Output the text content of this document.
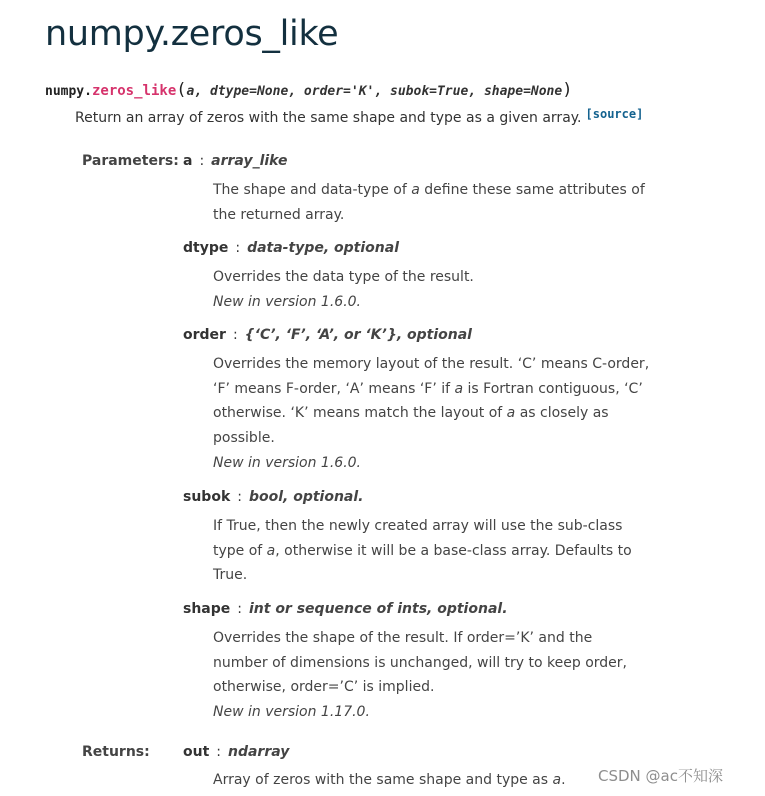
numpy.zeros_like
numpy.zeros_like(a, dtype=None, order='K', subok=True, shape=None)
Return an array of zeros with the same shape and type as a given array. [source]
Parameters: a : array_like
The shape and data-type of a define these same attributes of
the returned array.
dtype : data-type, optional
Overrides the data type of the result.
New in version 1.6.0.
order : {‘C’, ‘F’, ‘A’, or ‘K’}, optional
Overrides the memory layout of the result. ‘C’ means C-order,
‘F’ means F-order, ‘A’ means ‘F’ if a is Fortran contiguous, ‘C’
otherwise. ‘K’ means match the layout of a as closely as
possible.
New in version 1.6.0.
subok : bool, optional.
If True, then the newly created array will use the sub-class
type of a, otherwise it will be a base-class array. Defaults to
True.
shape : int or sequence of ints, optional.
Overrides the shape of the result. If order=’K’ and the
number of dimensions is unchanged, will try to keep order,
otherwise, order=’C’ is implied.
New in version 1.17.0.
Returns: out : ndarray
Array of zeros with the same shape and type as a.	CSDN @ac不知深
